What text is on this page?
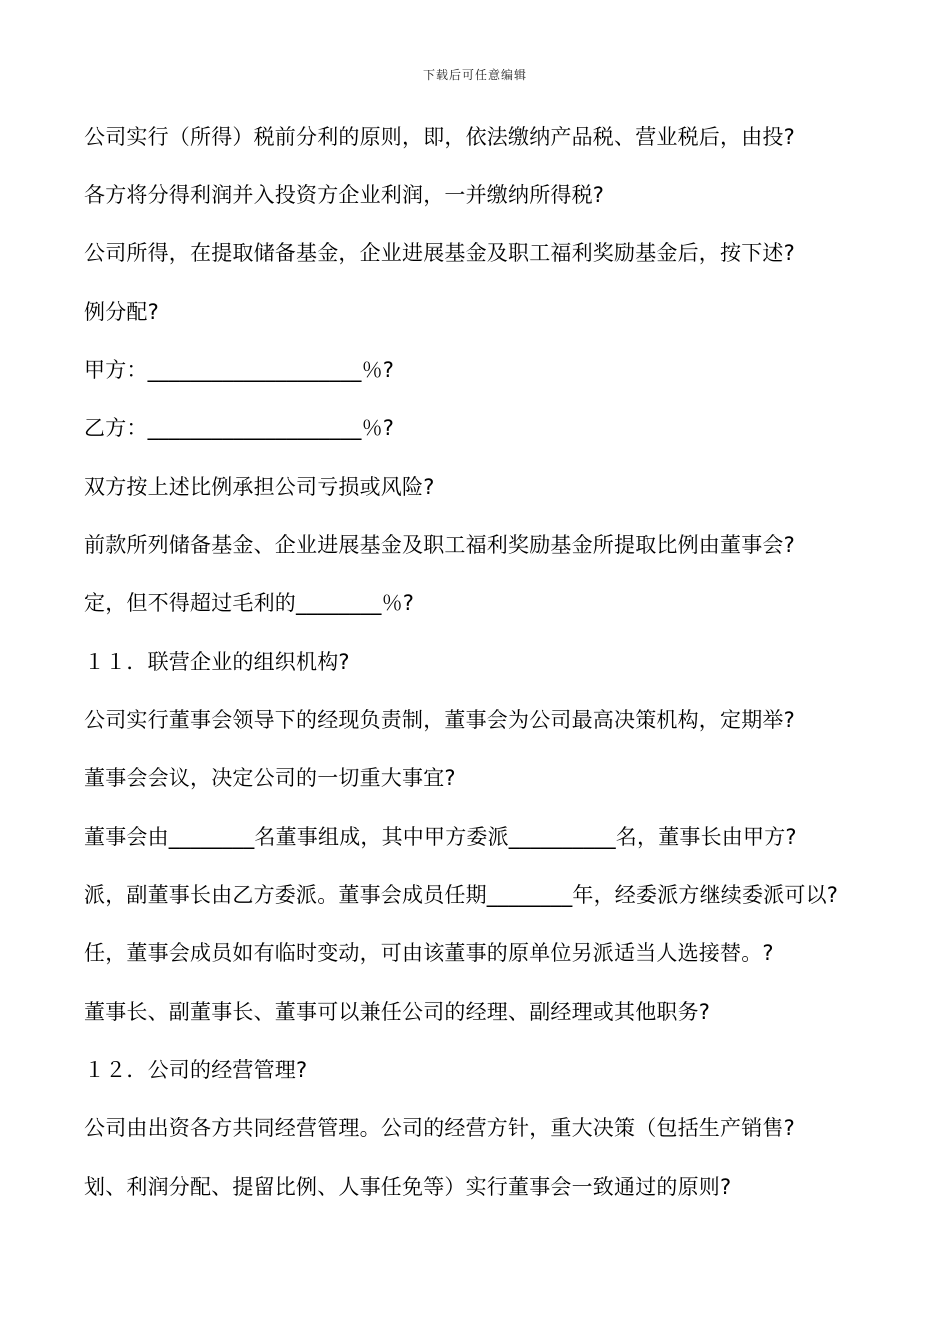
下载后可任意编辑
公司实行（所得）税前分利的原则，即，依法缴纳产品税、营业税后，由投?
各方将分得利润并入投资方企业利润，一并缴纳所得税?
公司所得，在提取储备基金，企业进展基金及职工福利奖励基金后，按下述?
例分配?
甲方：____________________％?
乙方：____________________％?
双方按上述比例承担公司亏损或风险?
前款所列储备基金、企业进展基金及职工福利奖励基金所提取比例由董事会?
定，但不得超过毛利的________％?
１１．联营企业的组织机构?
公司实行董事会领导下的经现负责制，董事会为公司最高决策机构，定期举?
董事会会议，决定公司的一切重大事宜?
董事会由________名董事组成，其中甲方委派__________名，董事长由甲方?
派，副董事长由乙方委派。董事会成员任期________年，经委派方继续委派可以?
任，董事会成员如有临时变动，可由该董事的原单位另派适当人选接替。?
董事长、副董事长、董事可以兼任公司的经理、副经理或其他职务?
１２．公司的经营管理?
公司由出资各方共同经营管理。公司的经营方针，重大决策（包括生产销售?
划、利润分配、提留比例、人事任免等）实行董事会一致通过的原则?
